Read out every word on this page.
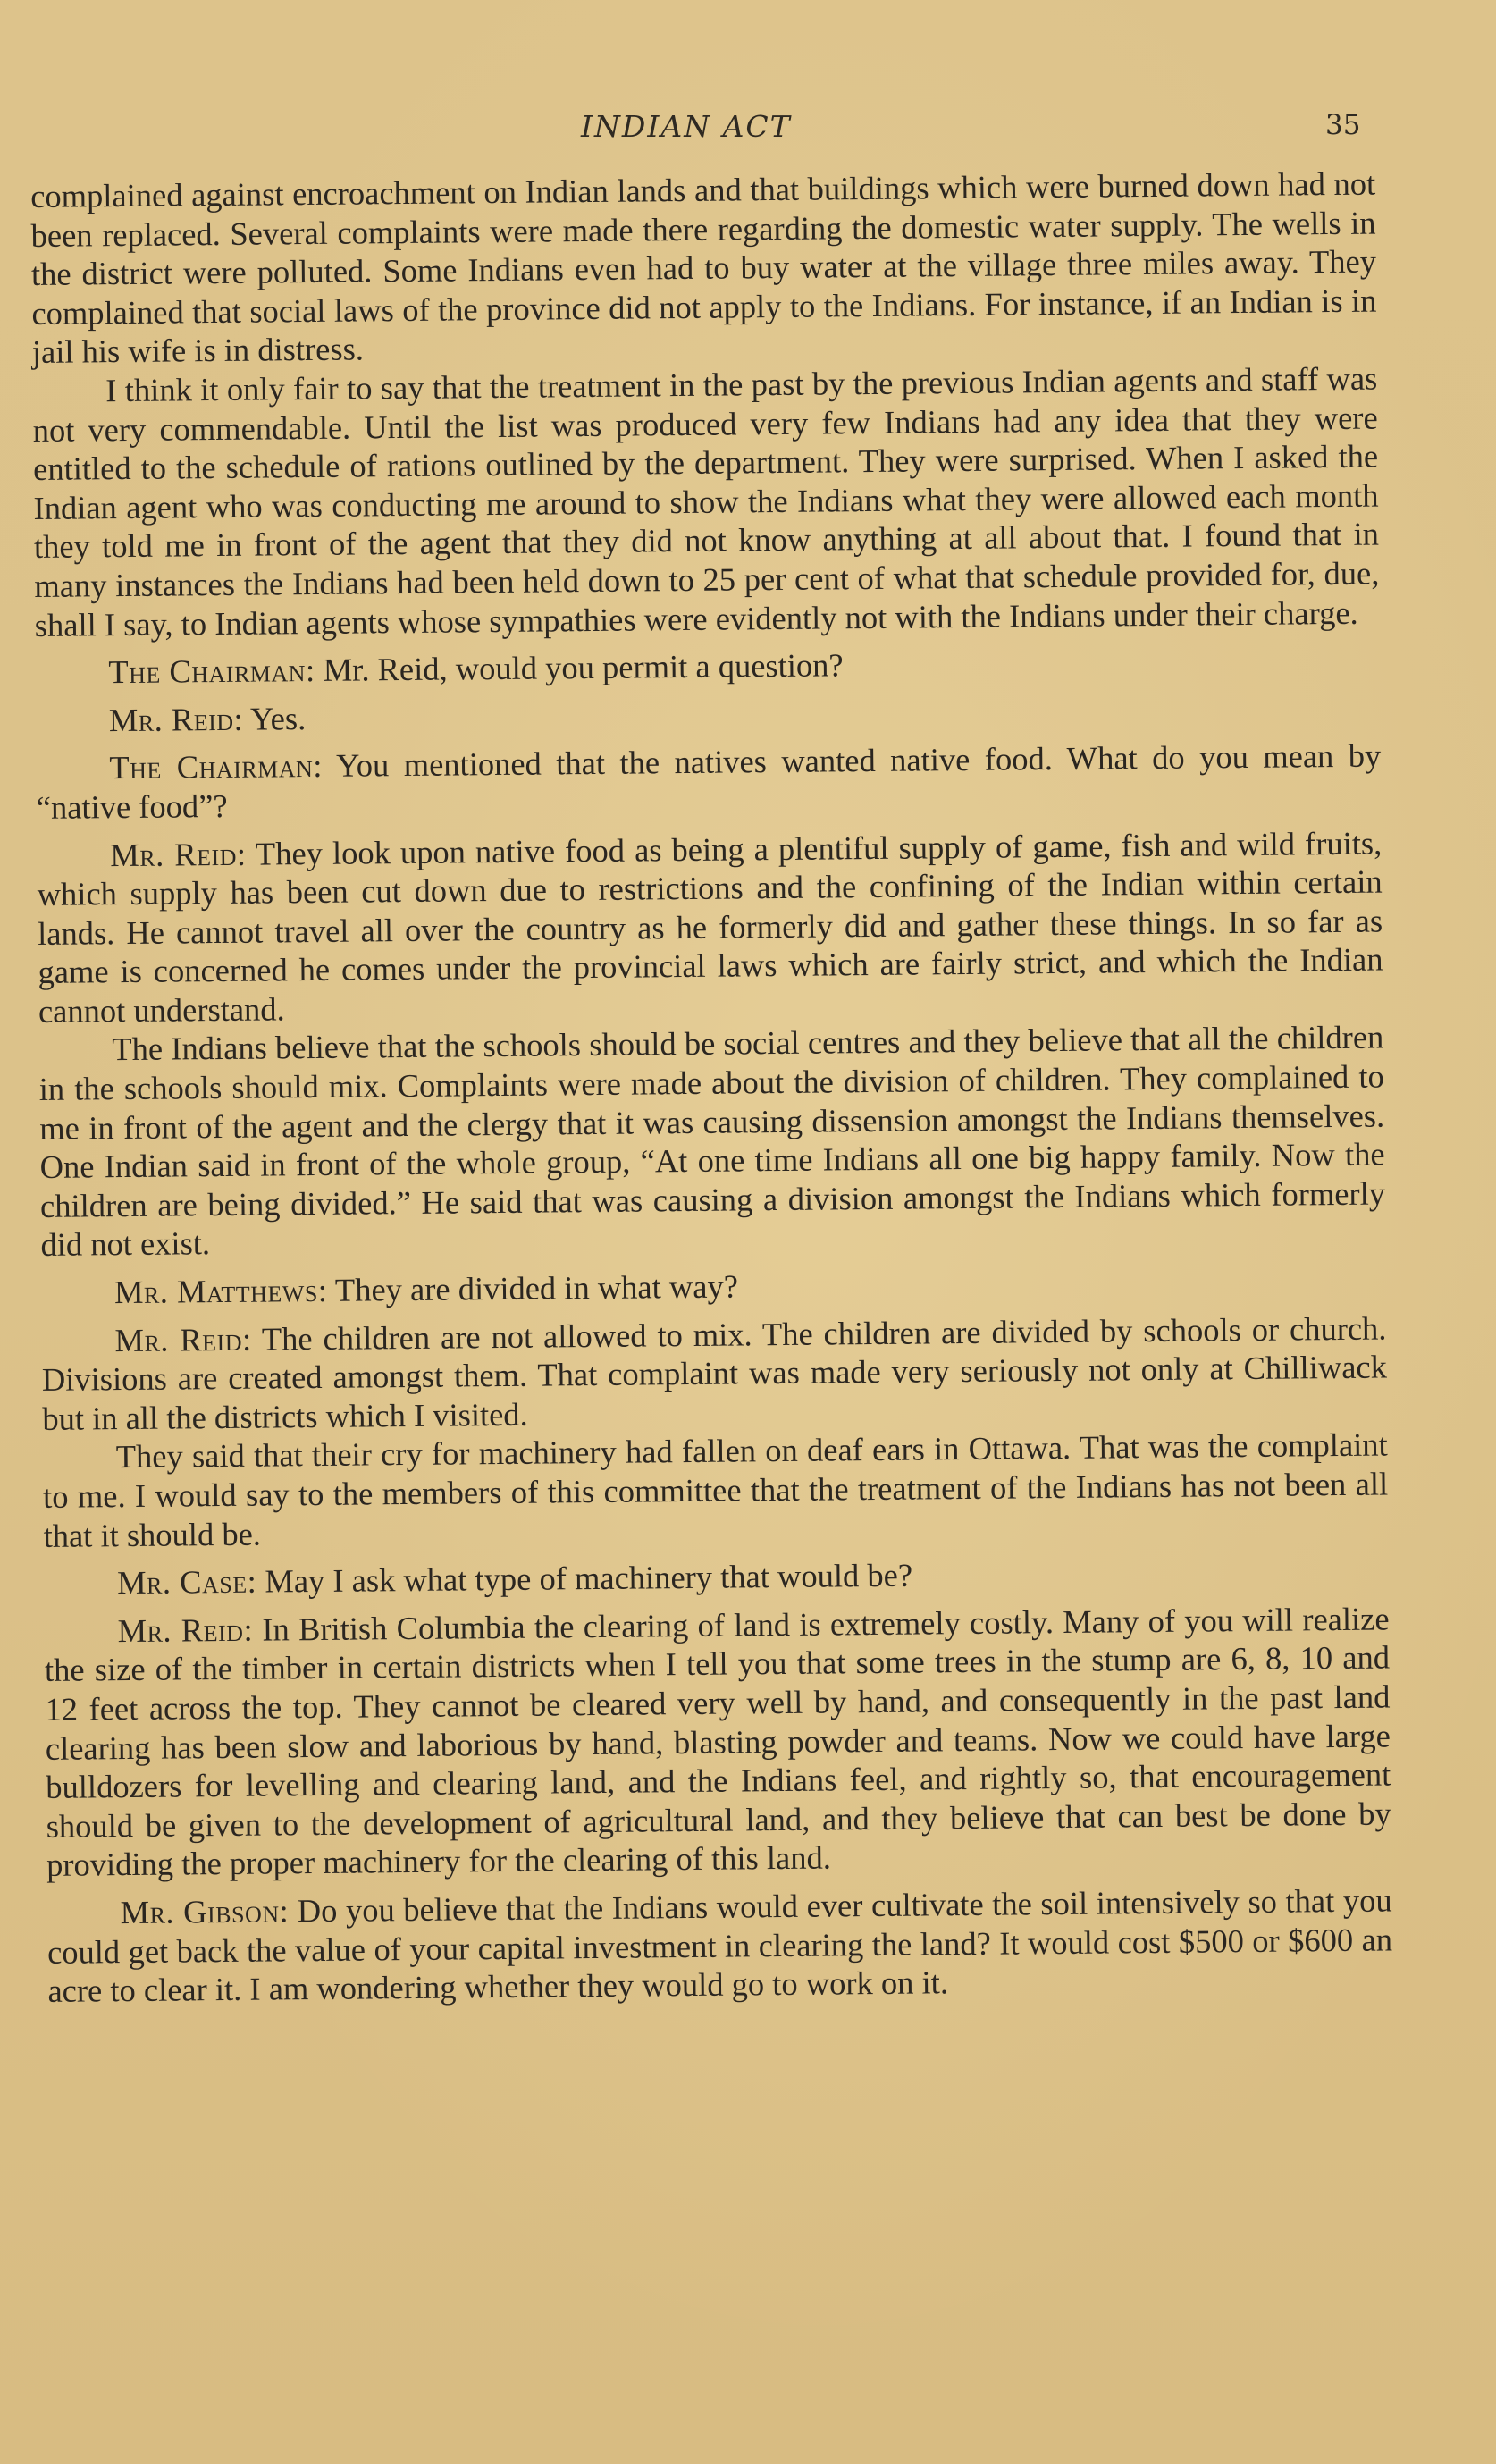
INDIAN ACT	35

complained against encroachment on Indian lands and that buildings which were burned down had not been replaced. Several complaints were made there regarding the domestic water supply. The wells in the district were polluted. Some Indians even had to buy water at the village three miles away. They complained that social laws of the province did not apply to the Indians. For instance, if an Indian is in jail his wife is in distress.

I think it only fair to say that the treatment in the past by the previous Indian agents and staff was not very commendable. Until the list was produced very few Indians had any idea that they were entitled to the schedule of rations outlined by the department. They were surprised. When I asked the Indian agent who was conducting me around to show the Indians what they were allowed each month they told me in front of the agent that they did not know anything at all about that. I found that in many instances the Indians had been held down to 25 per cent of what that schedule provided for, due, shall I say, to Indian agents whose sympathies were evidently not with the Indians under their charge.

The Chairman: Mr. Reid, would you permit a question?

Mr. Reid: Yes.

The Chairman: You mentioned that the natives wanted native food. What do you mean by “native food”?

Mr. Reid: They look upon native food as being a plentiful supply of game, fish and wild fruits, which supply has been cut down due to restrictions and the confining of the Indian within certain lands. He cannot travel all over the country as he formerly did and gather these things. In so far as game is concerned he comes under the provincial laws which are fairly strict, and which the Indian cannot understand.

The Indians believe that the schools should be social centres and they believe that all the children in the schools should mix. Complaints were made about the division of children. They complained to me in front of the agent and the clergy that it was causing dissension amongst the Indians themselves. One Indian said in front of the whole group, “At one time Indians all one big happy family. Now the children are being divided.” He said that was causing a division amongst the Indians which formerly did not exist.

Mr. Matthews: They are divided in what way?

Mr. Reid: The children are not allowed to mix. The children are divided by schools or church. Divisions are created amongst them. That complaint was made very seriously not only at Chilliwack but in all the districts which I visited.

They said that their cry for machinery had fallen on deaf ears in Ottawa. That was the complaint to me. I would say to the members of this committee that the treatment of the Indians has not been all that it should be.

Mr. Case: May I ask what type of machinery that would be?

Mr. Reid: In British Columbia the clearing of land is extremely costly. Many of you will realize the size of the timber in certain districts when I tell you that some trees in the stump are 6, 8, 10 and 12 feet across the top. They cannot be cleared very well by hand, and consequently in the past land clearing has been slow and laborious by hand, blasting powder and teams. Now we could have large bulldozers for levelling and clearing land, and the Indians feel, and rightly so, that encouragement should be given to the development of agricultural land, and they believe that can best be done by providing the proper machinery for the clearing of this land.

Mr. Gibson: Do you believe that the Indians would ever cultivate the soil intensively so that you could get back the value of your capital investment in clearing the land? It would cost $500 or $600 an acre to clear it. I am wondering whether they would go to work on it.
